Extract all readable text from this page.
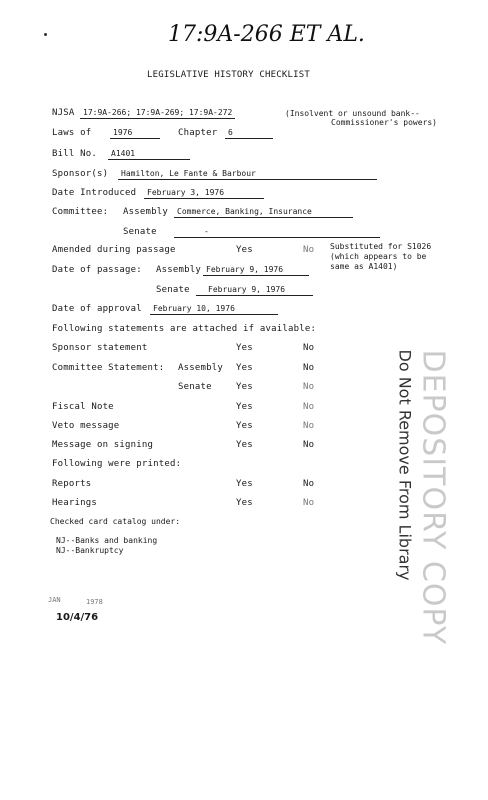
17:9A-266 ET AL.
LEGISLATIVE HISTORY CHECKLIST
NJSA	17:9A-266; 17:9A-269; 17:9A-272	(Insolvent or unsound bank--
Commissioner's powers)
Laws of	1976	Chapter	6
Bill No.	A1401
Sponsor(s)	Hamilton, Le Fante & Barbour
Date Introduced	February 3, 1976
Committee: Assembly	Commerce, Banking, Insurance
Senate	-
Amended during passage	Yes	No Substituted for S1026
(which appears to be
same as A1401)
Date of passage: Assembly February 9, 1976
Senate	February 9, 1976
Date of approval	February 10, 1976
Following statements are attached if available:
Sponsor statement	Yes	No
Committee Statement: Assembly Yes	No
Senate	Yes	No
Fiscal Note	Yes	No
Veto message	Yes	No
Message on signing	Yes	No
Following were printed:
Reports	Yes	No
Hearings	Yes	No
Checked card catalog under:
NJ--Banks and banking
NJ--Bankruptcy	DEPOSITORY COPY
Do Not Remove From Library
JAN	1978
10/4/76
